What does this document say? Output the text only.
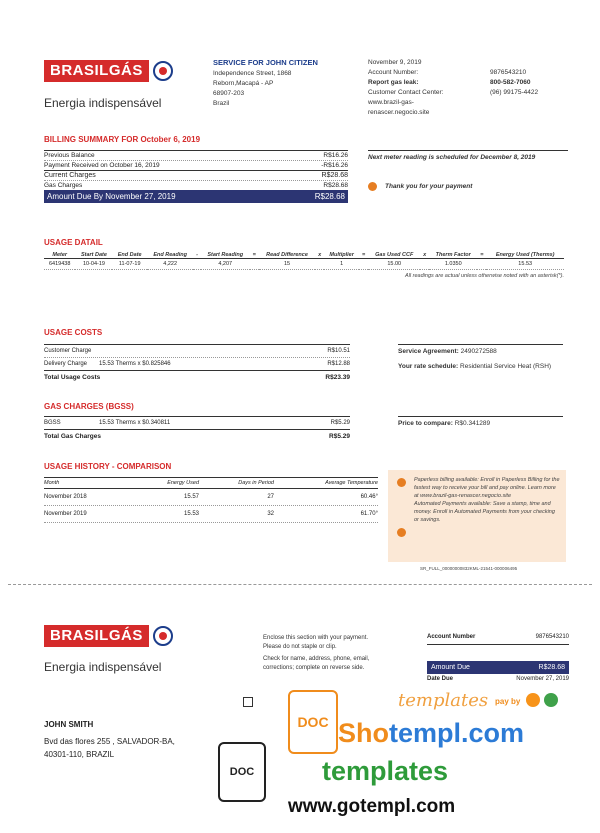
BRASILGÁS
Energia indispensável
SERVICE FOR JOHN CITIZEN
Independence Street, 1868
Reborn,Macapá - AP
68907-203
Brazil
November 9, 2019
Account Number:	9876543210
Report gas leak:	800-582-7060
Customer Contact Center:	(96) 99175-4422
www.brazil-gas-
renascer.negocio.site
BILLING SUMMARY FOR October 6, 2019
Previous Balance	R$16.26
Payment Received on October 16, 2019	-R$16.26
Current Charges	R$28.68
Gas Charges	R$28.68
Amount Due By November 27, 2019	R$28.68
Next meter reading is scheduled for December 8, 2019
Thank you for your payment
USAGE DATAIL
Meter	Start Date	End Date	End Reading	-	Start Reading	=	Read Difference	x	Multiplier	=	Gas Used CCF	x	Therm Factor	=	Energy Used (Therms)
6419438	10-04-19	11-07-19	4,222		4,207		15		1		15.00		1.0350		15.53
All readings are actual unless otherwise noted with an asterisk(*).
USAGE COSTS
Customer Charge	R$10.51
Delivery Charge	15.53 Therms x $0.825846	R$12.88
Total Usage Costs	R$23.39
Service Agreement: 2490272588
Your rate schedule: Residential Service Heat (RSH)
GAS CHARGES (BGSS)
BGSS	15.53 Therms x $0.340811	R$5.29
Total Gas Charges	R$5.29
Price to compare: R$0.341289
USAGE HISTORY - COMPARISON
Month	Energy Used	Days in Period	Average Temperature
November 2018	15.57	27	60.46°
November 2019	15.53	32	61.70°
Paperless billing available: Enroll in Paperless Billing for the fastest way to receive your bill and pay online. Learn more at www.brazil-gas-renascer.negocio.site
Automated Payments available: Save a stamp, time and money. Enroll in Automated Payments from your checking or savings.
SR_FULL_00000000832KML-21541-000006495
BRASILGÁS
Energia indispensável
Enclose this section with your payment.
Please do not staple or clip.
Check for name, address, phone, email,
corrections; complete on reverse side.
Account Number	9876543210
Amount Due	R$28.68
Date Due	November 27, 2019
JOHN SMITH
Bvd das flores 255 , SALVADOR-BA,
40301-110, BRAZIL
DOC
DOC
templates pay by
Shotempl.com
templates
www.gotempl.com
